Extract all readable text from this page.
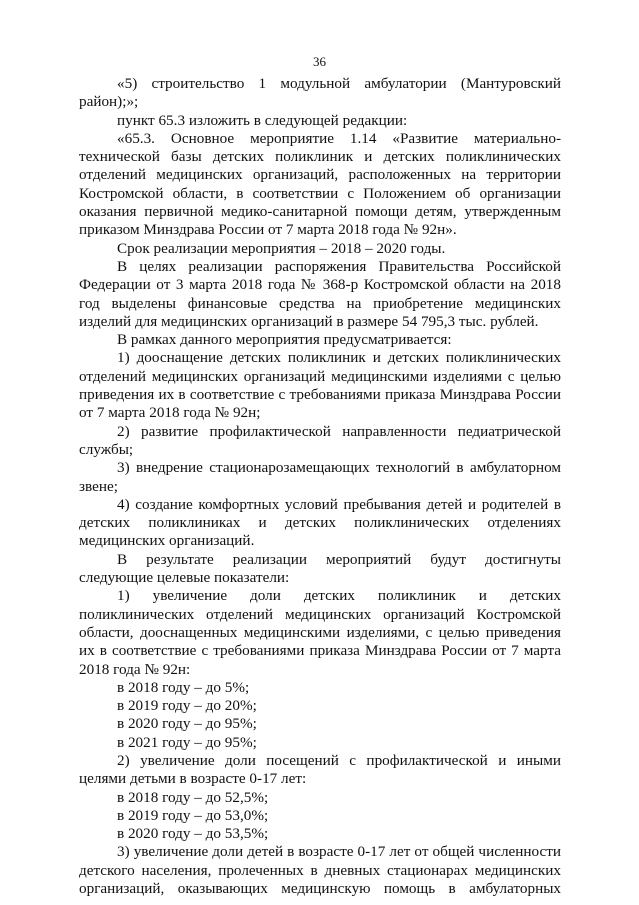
36

«5) строительство 1 модульной амбулатории (Мантуровский район);»;

пункт 65.3 изложить в следующей редакции:

«65.3. Основное мероприятие 1.14 «Развитие материально-технической базы детских поликлиник и детских поликлинических отделений медицинских организаций, расположенных на территории Костромской области, в соответствии с Положением об организации оказания первичной медико-санитарной помощи детям, утвержденным приказом Минздрава России от 7 марта 2018 года № 92н».

Срок реализации мероприятия – 2018 – 2020 годы.

В целях реализации распоряжения Правительства Российской Федерации от 3 марта 2018 года № 368-р Костромской области на 2018 год выделены финансовые средства на приобретение медицинских изделий для медицинских организаций в размере 54 795,3 тыс. рублей.

В рамках данного мероприятия предусматривается:

1) дооснащение детских поликлиник и детских поликлинических отделений медицинских организаций медицинскими изделиями с целью приведения их в соответствие с требованиями приказа Минздрава России от 7 марта 2018 года № 92н;

2) развитие профилактической направленности педиатрической службы;

3) внедрение стационарозамещающих технологий в амбулаторном звене;

4) создание комфортных условий пребывания детей и родителей в детских поликлиниках и детских поликлинических отделениях медицинских организаций.

В результате реализации мероприятий будут достигнуты следующие целевые показатели:

1) увеличение доли детских поликлиник и детских поликлинических отделений медицинских организаций Костромской области, дооснащенных медицинскими изделиями, с целью приведения их в соответствие с требованиями приказа Минздрава России от 7 марта 2018 года № 92н:

в 2018 году – до 5%;

в 2019 году – до 20%;

в 2020 году – до 95%;

в 2021 году – до 95%;

2) увеличение доли посещений с профилактической и иными целями детьми в возрасте 0-17 лет:

в 2018 году – до 52,5%;

в 2019 году – до 53,0%;

в 2020 году – до 53,5%;

3) увеличение доли детей в возрасте 0-17 лет от общей численности детского населения, пролеченных в дневных стационарах медицинских организаций, оказывающих медицинскую помощь в амбулаторных
